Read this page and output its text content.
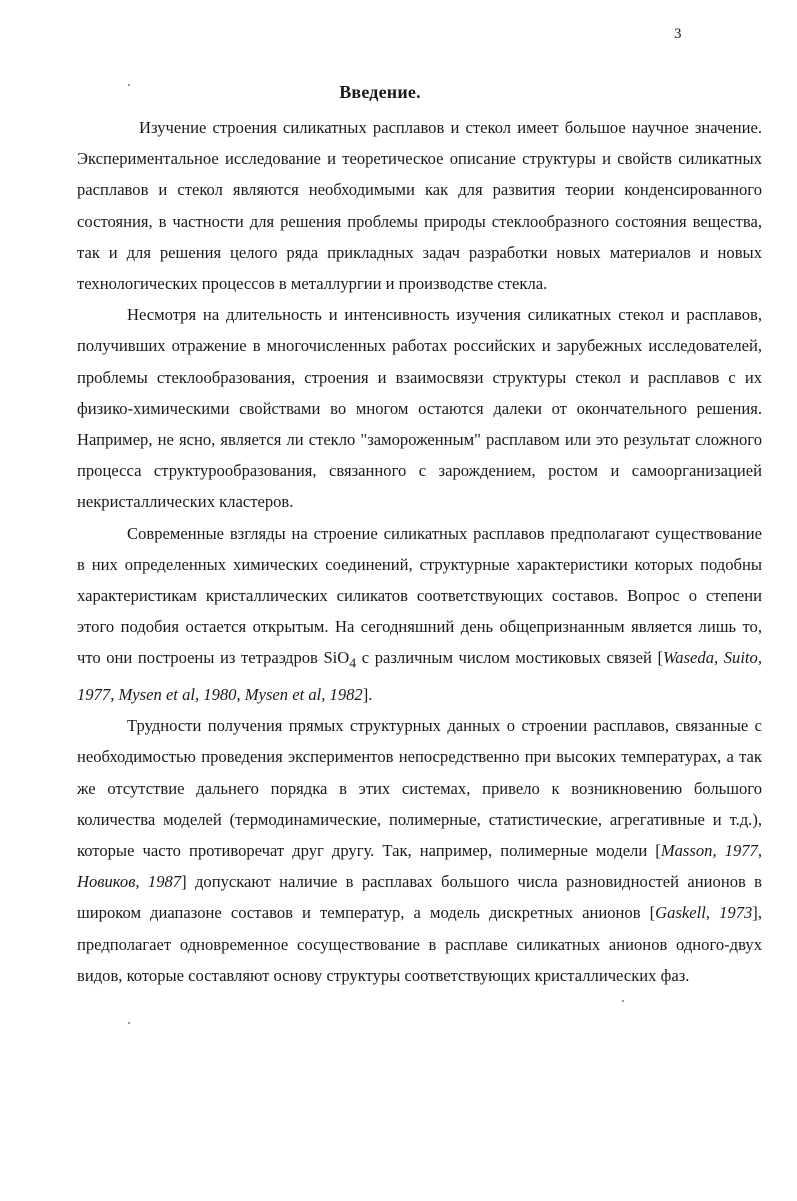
3
Введение.

Изучение строения силикатных расплавов и стекол имеет большое научное значение. Экспериментальное исследование и теоретическое описание структуры и свойств силикатных расплавов и стекол являются необходимыми как для развития теории конденсированного состояния, в частности для решения проблемы природы стеклообразного состояния вещества, так и для решения целого ряда прикладных задач разработки новых материалов и новых технологических процессов в металлургии и производстве стекла.

Несмотря на длительность и интенсивность изучения силикатных стекол и расплавов, получивших отражение в многочисленных работах российских и зарубежных исследователей, проблемы стеклообразования, строения и взаимосвязи структуры стекол и расплавов с их физико-химическими свойствами во многом остаются далеки от окончательного решения. Например, не ясно, является ли стекло "замороженным" расплавом или это результат сложного процесса структурообразования, связанного с зарождением, ростом и самоорганизацией некристаллических кластеров.

Современные взгляды на строение силикатных расплавов предполагают существование в них определенных химических соединений, структурные характеристики которых подобны характеристикам кристаллических силикатов соответствующих составов. Вопрос о степени этого подобия остается открытым. На сегодняшний день общепризнанным является лишь то, что они построены из тетраэдров SiO$_4$ с различным числом мостиковых связей [Waseda, Suito, 1977, Mysen et al, 1980, Mysen et al, 1982].

Трудности получения прямых структурных данных о строении расплавов, связанные с необходимостью проведения экспериментов непосредственно при высоких температурах, а так же отсутствие дальнего порядка в этих системах, привело к возникновению большого количества моделей (термодинамические, полимерные, статистические, агрегативные и т.д.), которые часто противоречат друг другу. Так, например, полимерные модели [Masson, 1977, Новиков, 1987] допускают наличие в расплавах большого числа разновидностей анионов в широком диапазоне составов и температур, а модель дискретных анионов [Gaskell, 1973], предполагает одновременное сосуществование в расплаве силикатных анионов одного-двух видов, которые составляют основу структуры соответствующих кристаллических фаз.
